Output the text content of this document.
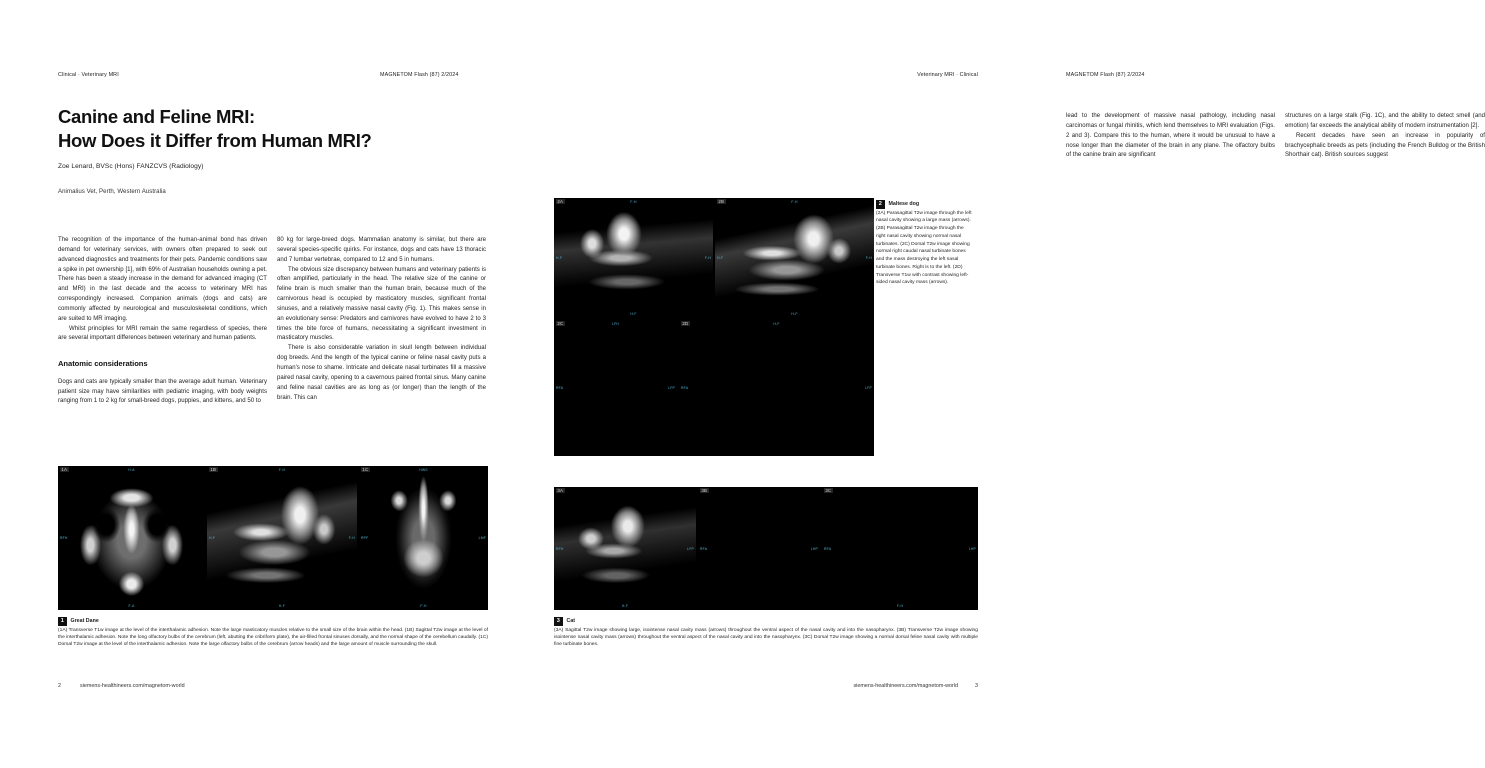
Clinical · Veterinary MRI	MAGNETOM Flash (87) 2/2024
Canine and Feline MRI:
How Does it Differ from Human MRI?
Zoe Lenard, BVSc (Hons) FANZCVS (Radiology)
Animalius Vet, Perth, Western Australia

The recognition of the importance of the human-animal bond has driven demand for veterinary services, with owners often prepared to seek out advanced diagnostics and treatments for their pets. Pandemic conditions saw a spike in pet ownership [1], with 69% of Australian households owning a pet. There has been a steady increase in the demand for advanced imaging (CT and MRI) in the last decade and the access to veterinary MRI has correspondingly increased. Companion animals (dogs and cats) are commonly affected by neurological and musculoskeletal conditions, which are suited to MR imaging.

Whilst principles for MRI remain the same regardless of species, there are several important differences between veterinary and human patients.

Anatomic considerations

Dogs and cats are typically smaller than the average adult human. Veterinary patient size may have similarities with pediatric imaging, with body weights ranging from 1 to 2 kg for small-breed dogs, puppies, and kittens, and 50 to

80 kg for large-breed dogs. Mammalian anatomy is similar, but there are several species-specific quirks. For instance, dogs and cats have 13 thoracic and 7 lumbar vertebrae, compared to 12 and 5 in humans.

The obvious size discrepancy between humans and veterinary patients is often amplified, particularly in the head. The relative size of the canine or feline brain is much smaller than the human brain, because much of the carnivorous head is occupied by masticatory muscles, significant frontal sinuses, and a relatively massive nasal cavity (Fig. 1). This makes sense in an evolutionary sense: Predators and carnivores have evolved to have 2 to 3 times the bite force of humans, necessitating a significant investment in masticatory muscles.

There is also considerable variation in skull length between individual dog breeds. And the length of the typical canine or feline nasal cavity puts a human's nose to shame. Intricate and delicate nasal turbinates fill a massive paired nasal cavity, opening to a cavernous paired frontal sinus. Many canine and feline nasal cavities are as long as (or longer) than the length of the brain. This can

1A	H-A
RFH
F-A
1B	F-H
H-F	F-H
H-F
1C	HWS
RPF	LMF
F-H
1 Great Dane
(1A) Transverse T1w image at the level of the interthalamic adhesion. Note the large masticatory muscles relative to the small size of the brain within the head. (1B) Sagittal T2w image at the level of the interthalamic adhesion. Note the long olfactory bulbs of the cerebrum (left, abutting the cribriform plate), the air-filled frontal sinuses dorsally, and the normal shape of the cerebellum caudally. (1C) Dorsal T2w image at the level of the interthalamic adhesion. Note the large olfactory bulbs of the cerebrum (arrow heads) and the large amount of muscle surrounding the skull.
2	siemens-healthineers.com/magnetom-world
MAGNETOM Flash (87) 2/2024
Veterinary MRI · Clinical

lead to the development of massive nasal pathology, including nasal carcinomas or fungal rhinitis, which lend themselves to MRI evaluation (Figs. 2 and 3). Compare this to the human, where it would be unusual to have a nose longer than the diameter of the brain in any plane. The olfactory bulbs of the canine brain are significant

structures on a large stalk (Fig. 1C), and the ability to detect smell (and emotion) far exceeds the analytical ability of modern instrumentation [2].

Recent decades have seen an increase in popularity of brachycephalic breeds as pets (including the French Bulldog or the British Shorthair cat). British sources suggest

2A	F-H
H-F	F-H
H-F
2B	F-H
H-F	F-H
H-F
2C	LFH
RFA	LFP
2D	H-F
RFA	LFP
2 Maltese dog
(2A) Parasagittal T2w image through the left nasal cavity showing a large mass (arrows). (2B) Parasagittal T2w image through the right nasal cavity showing normal nasal turbinates. (2C) Dorsal T2w image showing normal right caudal nasal turbinate bones and the mass destroying the left nasal turbinate bones. Right is to the left. (2D) Transverse T1w with contrast showing left-sided nasal cavity mass (arrows).
3A
RFH	LFP
H-F
3B
RFA	LHP
3C
RFA	LHP
F-H
3 Cat
(3A) Sagittal T2w image showing large, isointense nasal cavity mass (arrows) throughout the ventral aspect of the nasal cavity and into the nasopharynx. (3B) Transverse T2w image showing isointense nasal cavity mass (arrows) throughout the ventral aspect of the nasal cavity and into the nasopharynx. (3C) Dorsal T2w image showing a normal dorsal feline nasal cavity with multiple fine turbinate bones.
siemens-healthineers.com/magnetom-world	3
